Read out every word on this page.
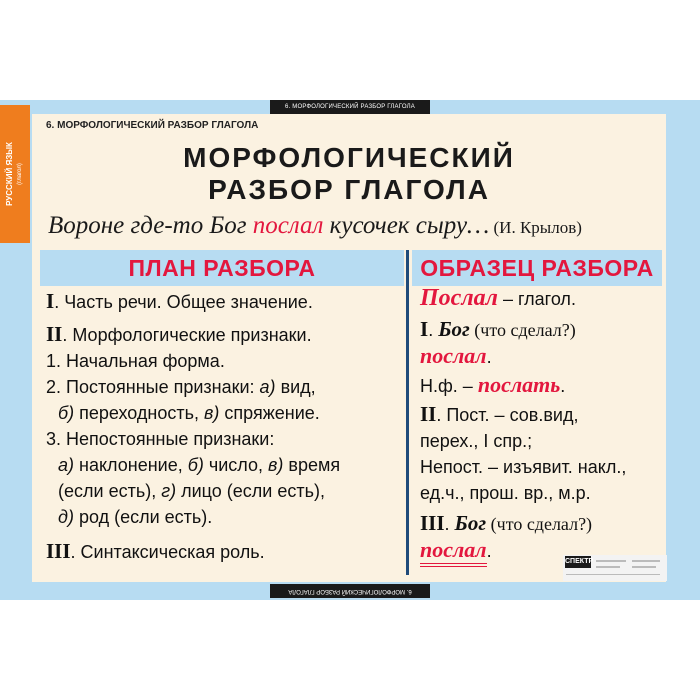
6. МОРФОЛОГИЧЕСКИЙ РАЗБОР ГЛАГОЛА
РУССКИЙ ЯЗЫК (глагол)
6. МОРФОЛОГИЧЕСКИЙ РАЗБОР ГЛАГОЛА
МОРФОЛОГИЧЕСКИЙ
РАЗБОР ГЛАГОЛА
Вороне где-то Бог послал кусочек сыру… (И. Крылов)
ПЛАН РАЗБОРА	ОБРАЗЕЦ РАЗБОРА
I. Часть речи. Общее значение.
II. Морфологические признаки.
1. Начальная форма.
2. Постоянные признаки: а) вид,
б) переходность, в) спряжение.
3. Непостоянные признаки:
а) наклонение, б) число, в) время
(если есть), г) лицо (если есть),
д) род (если есть).
III. Синтаксическая роль.
Послал – глагол.
I. Бог (что сделал?)
послал.
Н.ф. – послать.
II. Пост. – сов.вид,
перех., I спр.;
Непост. – изъявит. накл.,
ед.ч., прош. вр., м.р.
III. Бог (что сделал?)
послал.
СПЕКТР
6. МОРФОЛОГИЧЕСКИЙ РАЗБОР ГЛАГОЛА
